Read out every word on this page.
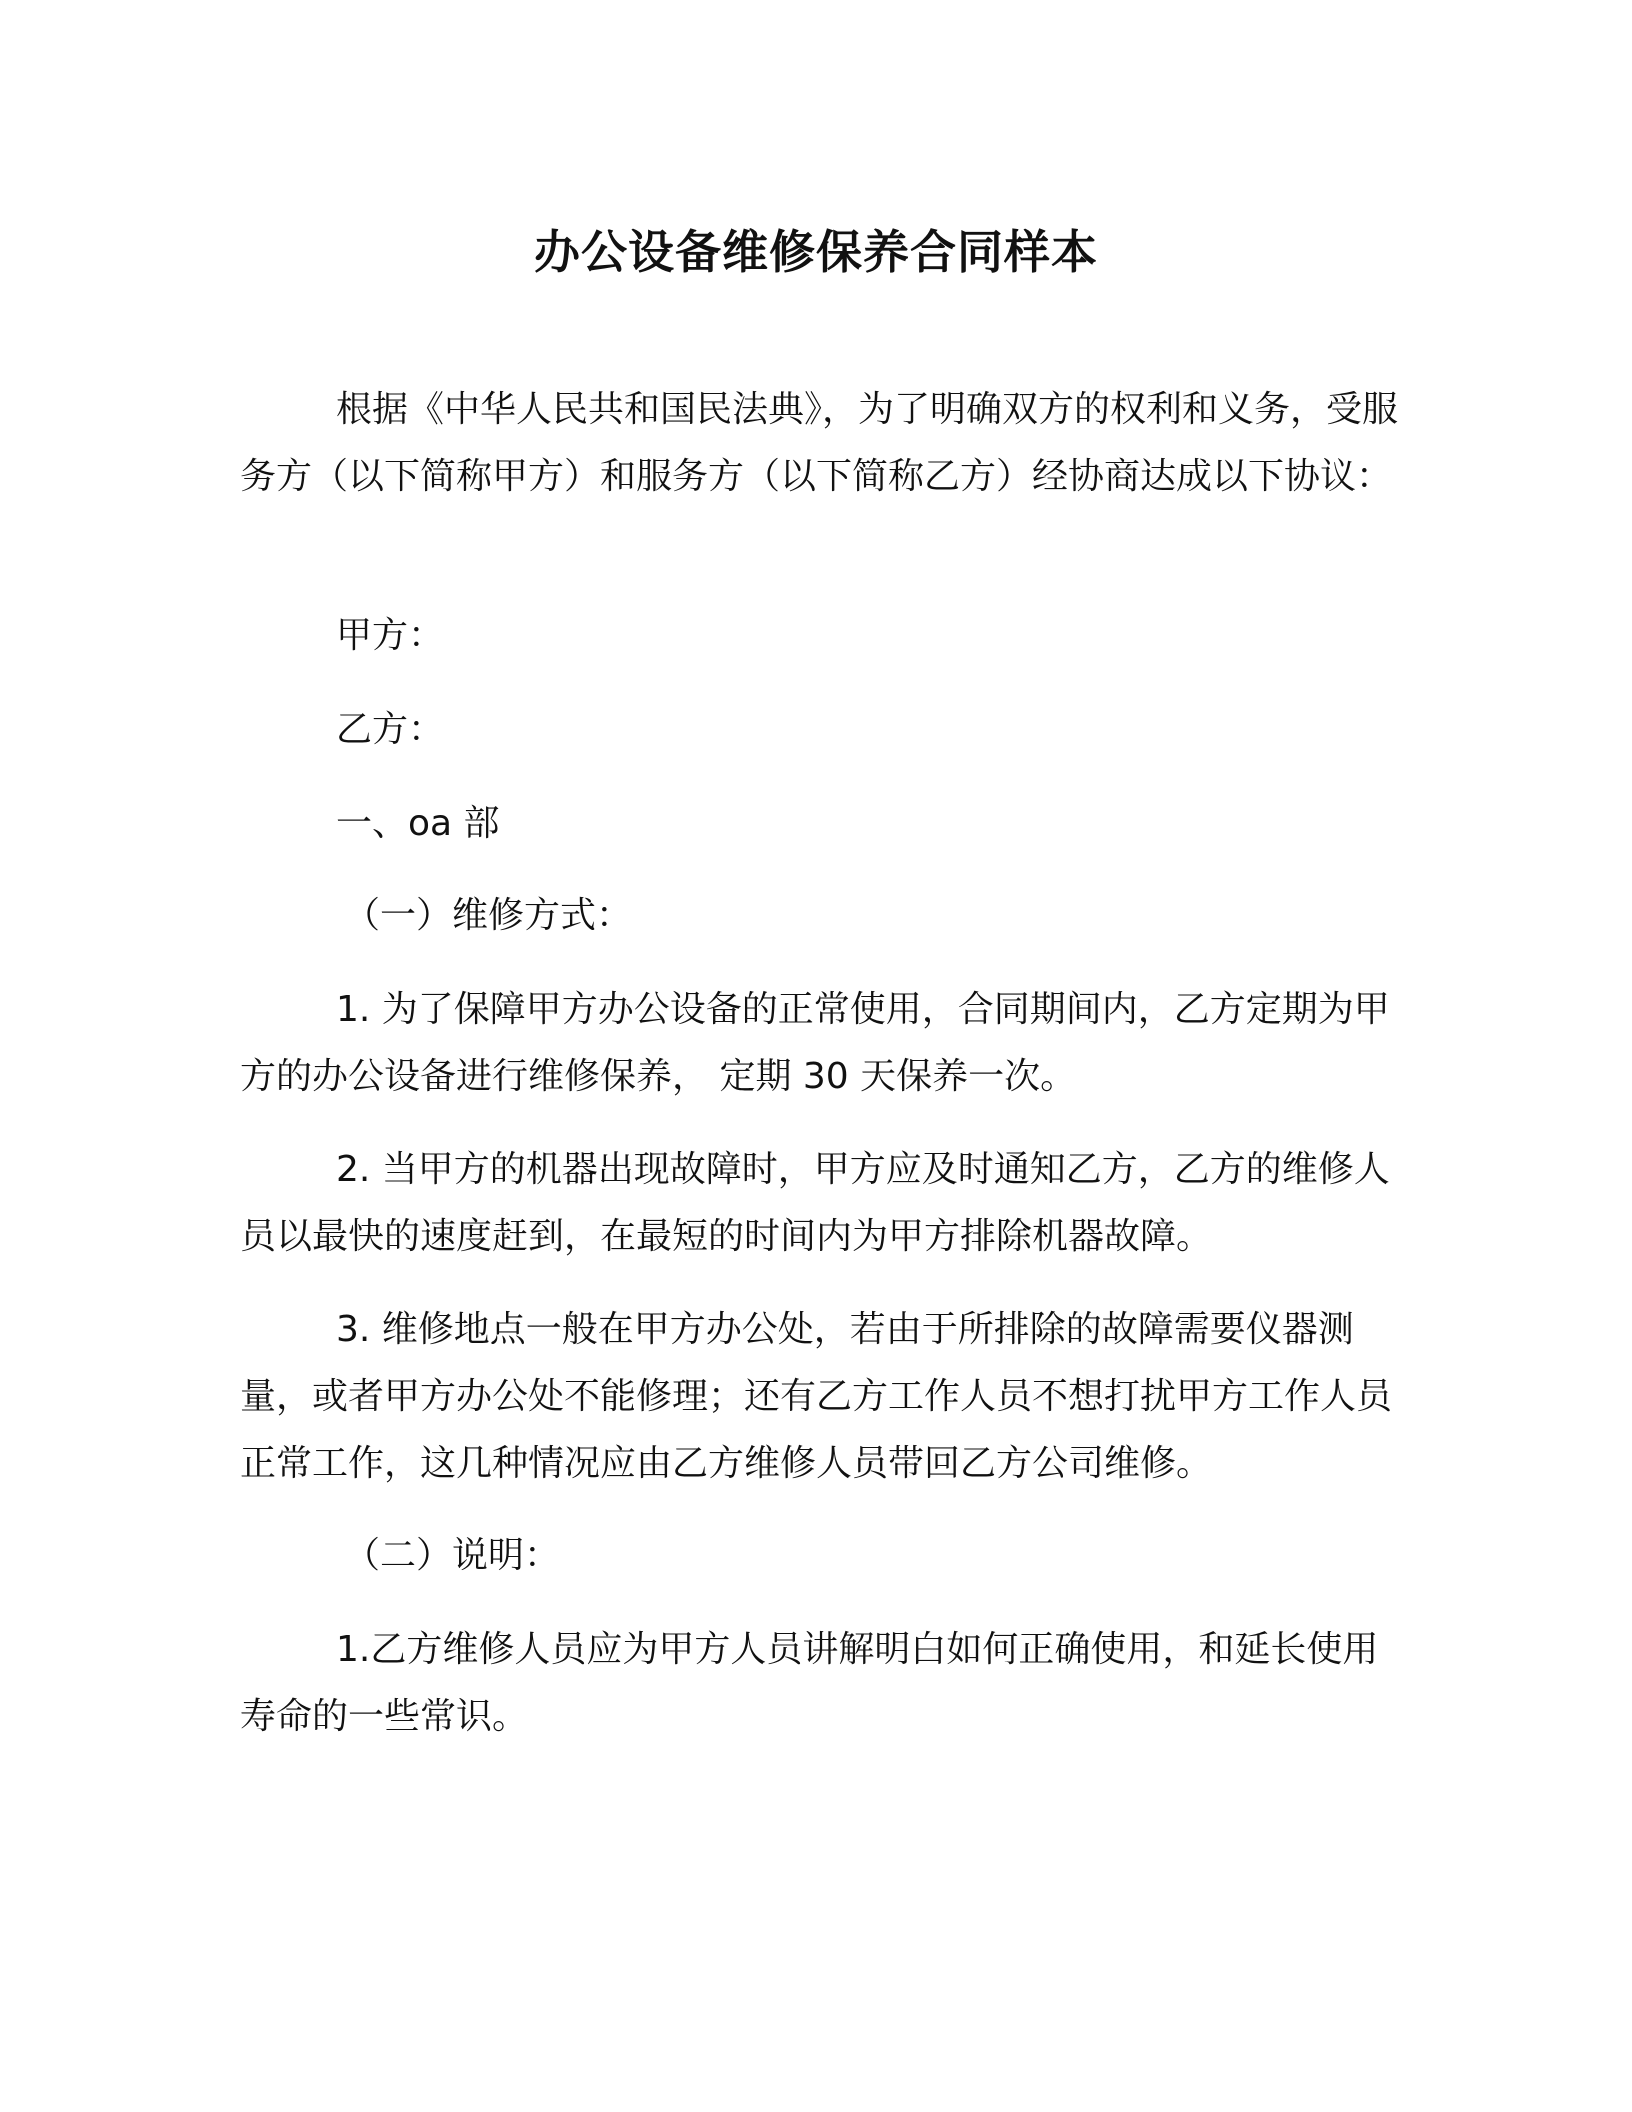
办公设备维修保养合同样本

根据《中华人民共和国民法典》，为了明确双方的权利和义务，受服务方（以下简称甲方）和服务方（以下简称乙方）经协商达成以下协议：

甲方：

乙方：

一、oa 部

（一）维修方式：

1. 为了保障甲方办公设备的正常使用，合同期间内，乙方定期为甲方的办公设备进行维修保养， 定期 30 天保养一次。

2. 当甲方的机器出现故障时，甲方应及时通知乙方，乙方的维修人员以最快的速度赶到，在最短的时间内为甲方排除机器故障。

3. 维修地点一般在甲方办公处，若由于所排除的故障需要仪器测量，或者甲方办公处不能修理；还有乙方工作人员不想打扰甲方工作人员正常工作，这几种情况应由乙方维修人员带回乙方公司维修。

（二）说明：

1.乙方维修人员应为甲方人员讲解明白如何正确使用，和延长使用寿命的一些常识。
